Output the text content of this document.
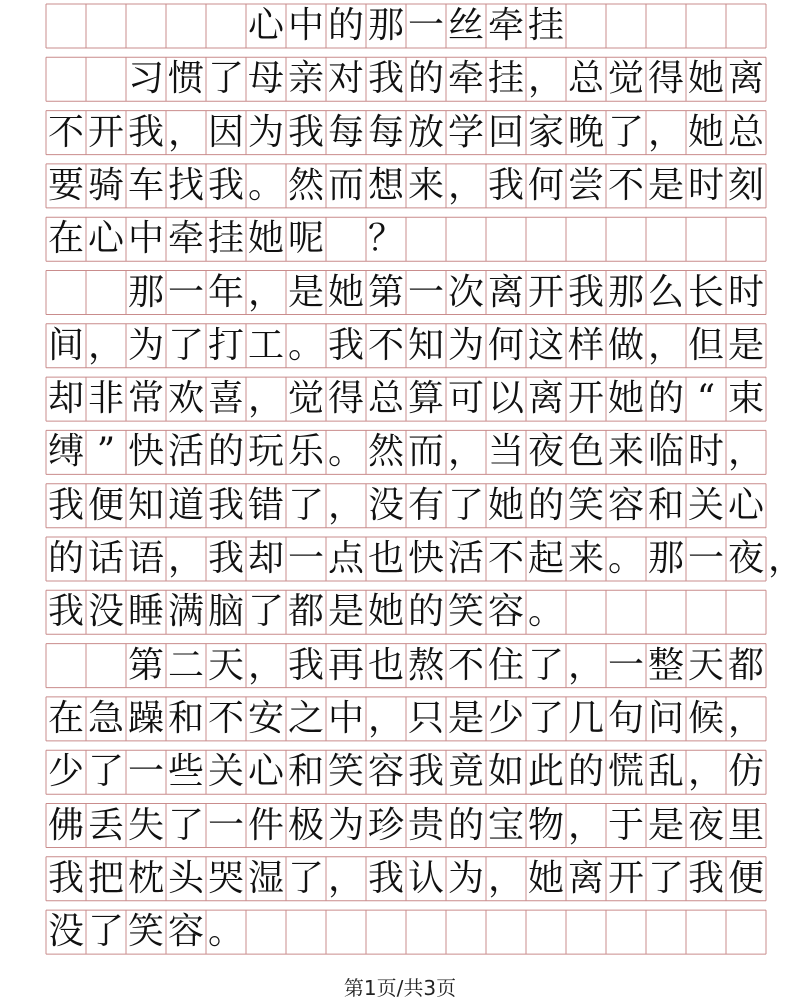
心 中 的 那 一 丝 牵 挂
习 惯 了 母 亲 对 我 的 牵 挂 ， 总 觉 得 她 离
不 开 我 ， 因 为 我 每 每 放 学 回 家 晚 了 ， 她 总
要 骑 车 找 我 。 然 而 想 来 ， 我 何 尝 不 是 时 刻
在 心 中 牵 挂 她 呢 ？
那 一 年 ， 是 她 第 一 次 离 开 我 那 么 长 时
间 ， 为 了 打 工 。 我 不 知 为 何 这 样 做 ， 但 是
却 非 常 欢 喜 ， 觉 得 总 算 可 以 离 开 她 的 “ 束
缚 ” 快 活 的 玩 乐 。 然 而 ， 当 夜 色 来 临 时 ，
我 便 知 道 我 错 了 ， 没 有 了 她 的 笑 容 和 关 心
的 话 语 ， 我 却 一 点 也 快 活 不 起 来 。 那 一 夜 ，
我 没 睡 满 脑 了 都 是 她 的 笑 容 。
第 二 天 ， 我 再 也 熬 不 住 了 ， 一 整 天 都
在 急 躁 和 不 安 之 中 ， 只 是 少 了 几 句 问 候 ，
少 了 一 些 关 心 和 笑 容 我 竟 如 此 的 慌 乱 ， 仿
佛 丢 失 了 一 件 极 为 珍 贵 的 宝 物 ， 于 是 夜 里
我 把 枕 头 哭 湿 了 ， 我 认 为 ， 她 离 开 了 我 便
没 了 笑 容 。
第1页/共3页
